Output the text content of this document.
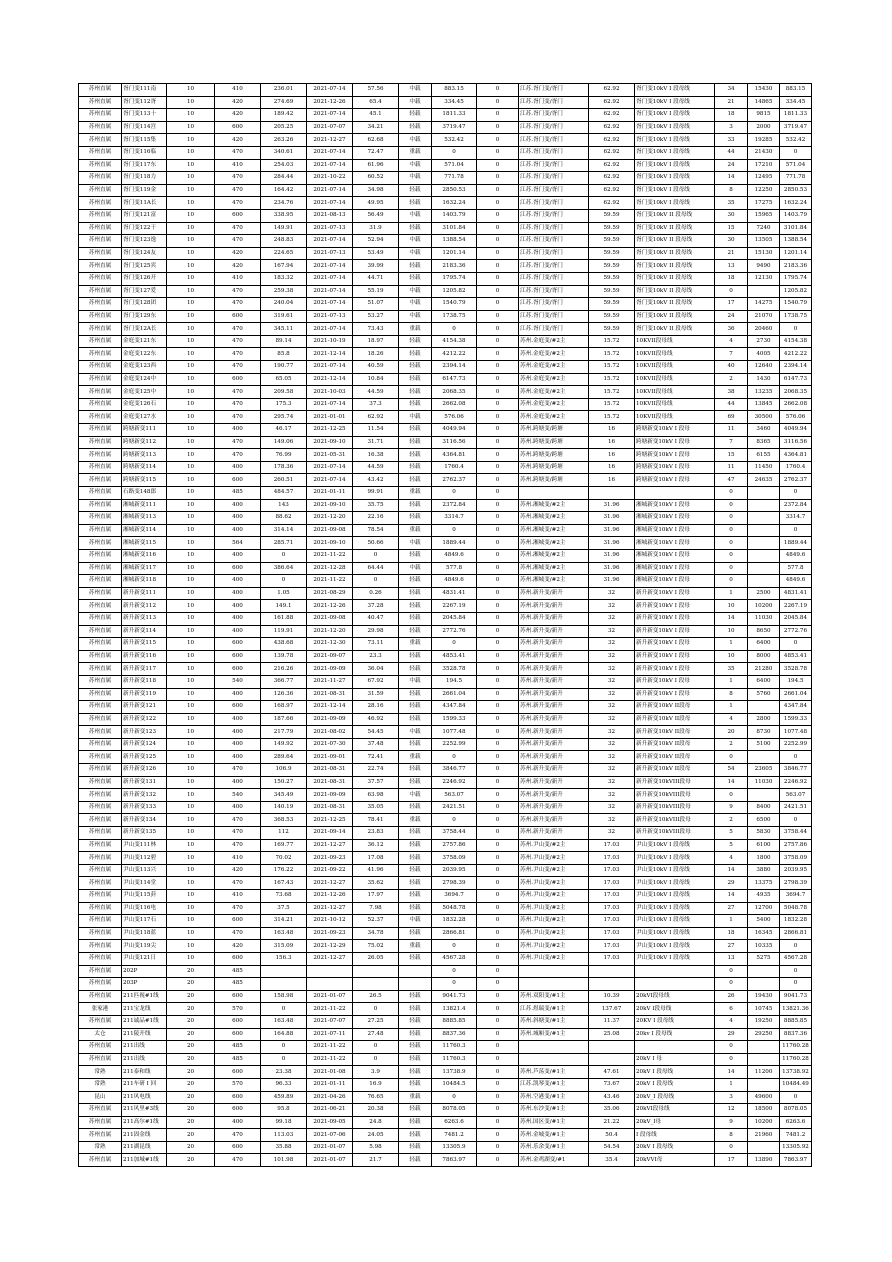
苏州直属	胥门变111南	10	410	236.01	2021-07-14	57.56	中载	883.15	0	江苏.胥门变/胥门	62.92	胥门变10kV I 段母线	34	15430	883.15
苏州直属	胥门变112胥	10	420	274.69	2021-12-26	65.4	中载	334.45	0	江苏.胥门变/胥门	62.92	胥门变10kV I 段母线	21	14865	334.45
苏州直属	胥门变113十	10	420	189.42	2021-07-14	45.1	轻载	1811.33	0	江苏.胥门变/胥门	62.92	胥门变10kV I 段母线	18	9815	1811.33
苏州直属	胥门变114宫	10	600	205.25	2021-07-07	34.21	轻载	3719.47	0	江苏.胥门变/胥门	62.92	胥门变10kV I 段母线	3	2000	3719.47
苏州直属	胥门变115集	10	420	263.26	2021-12-27	62.68	中载	532.42	0	江苏.胥门变/胥门	62.92	胥门变10kV I 段母线	33	19285	532.42
苏州直属	胥门变116临	10	470	340.61	2021-07-14	72.47	重载	0	0	江苏.胥门变/胥门	62.92	胥门变10kV I 段母线	44	21430	0
苏州直属	胥门变117东	10	410	254.03	2021-07-14	61.96	中载	571.04	0	江苏.胥门变/胥门	62.92	胥门变10kV I 段母线	24	17210	571.04
苏州直属	胥门变118力	10	470	284.44	2021-10-22	60.52	中载	771.78	0	江苏.胥门变/胥门	62.92	胥门变10kV I 段母线	14	12495	771.78
苏州直属	胥门变119金	10	470	164.42	2021-07-14	34.98	轻载	2850.53	0	江苏.胥门变/胥门	62.92	胥门变10kV I 段母线	8	12250	2850.53
苏州直属	胥门变11A长	10	470	234.76	2021-07-14	49.95	轻载	1632.24	0	江苏.胥门变/胥门	62.92	胥门变10kV I 段母线	35	17275	1632.24
苏州直属	胥门变121富	10	600	338.95	2021-08-13	56.49	中载	1403.79	0	江苏.胥门变/胥门	59.59	胥门变10kV II 段母线	30	15965	1403.79
苏州直属	胥门变122干	10	470	149.91	2021-07-13	31.9	轻载	3101.84	0	江苏.胥门变/胥门	59.59	胥门变10kV II 段母线	15	7240	3101.84
苏州直属	胥门变123逸	10	470	248.83	2021-07-14	52.94	中载	1388.54	0	江苏.胥门变/胥门	59.59	胥门变10kV II 段母线	30	13505	1388.54
苏州直属	胥门变124友	10	420	224.65	2021-07-13	53.49	中载	1201.14	0	江苏.胥门变/胥门	59.59	胥门变10kV II 段母线	21	15130	1201.14
苏州直属	胥门变125宾	10	420	167.94	2021-07-14	39.99	轻载	2183.36	0	江苏.胥门变/胥门	59.59	胥门变10kV II 段母线	13	9490	2183.36
苏州直属	胥门变126开	10	410	183.32	2021-07-14	44.71	轻载	1795.74	0	江苏.胥门变/胥门	59.59	胥门变10kV II 段母线	18	12130	1795.74
苏州直属	胥门变127爱	10	470	259.38	2021-07-14	55.19	中载	1205.82	0	江苏.胥门变/胥门	59.59	胥门变10kV II 段母线	0		1205.82
苏州直属	胥门变128团	10	470	240.04	2021-07-14	51.07	中载	1540.79	0	江苏.胥门变/胥门	59.59	胥门变10kV II 段母线	17	14275	1540.79
苏州直属	胥门变129东	10	600	319.61	2021-07-13	53.27	中载	1738.75	0	江苏.胥门变/胥门	59.59	胥门变10kV II 段母线	24	21070	1738.75
苏州直属	胥门变12A长	10	470	345.11	2021-07-14	73.43	重载	0	0	江苏.胥门变/胥门	59.59	胥门变10kV II 段母线	36	20460	0
苏州直属	金庭变121东	10	470	89.14	2021-10-19	18.97	轻载	4154.38	0	苏州.金庭变/#2主	15.72	10KVII段母线	4	2730	4154.38
苏州直属	金庭变122东	10	470	85.8	2021-12-14	18.26	轻载	4212.22	0	苏州.金庭变/#2主	15.72	10KVII段母线	7	4005	4212.22
苏州直属	金庭变123西	10	470	190.77	2021-07-14	40.59	轻载	2394.14	0	苏州.金庭变/#2主	15.72	10KVII段母线	40	12640	2394.14
苏州直属	金庭变124中	10	600	65.05	2021-12-14	10.84	轻载	6147.73	0	苏州.金庭变/#2主	15.72	10KVII段母线	2	1430	6147.73
苏州直属	金庭变125中	10	470	209.58	2021-10-03	44.59	轻载	2068.35	0	苏州.金庭变/#2主	15.72	10KVII段母线	38	13235	2068.35
苏州直属	金庭变126石	10	470	175.3	2021-07-14	37.3	轻载	2662.08	0	苏州.金庭变/#2主	15.72	10KVII段母线	44	13845	2662.08
苏州直属	金庭变127水	10	470	295.74	2021-01-01	62.92	中载	576.06	0	苏州.金庭变/#2主	15.72	10KVII段母线	69	30500	576.06
苏州直属	跨塘新变111	10	400	46.17	2021-12-25	11.54	轻载	4049.94	0	苏州.跨塘变/跨塘	16	跨塘新变10kV I 段母	11	3460	4049.94
苏州直属	跨塘新变112	10	470	149.06	2021-09-10	31.71	轻载	3116.56	0	苏州.跨塘变/跨塘	16	跨塘新变10kV I 段母	7	8365	3116.56
苏州直属	跨塘新变113	10	470	76.99	2021-05-31	16.38	轻载	4364.81	0	苏州.跨塘变/跨塘	16	跨塘新变10kV I 段母	15	6155	4364.81
苏州直属	跨塘新变114	10	400	178.36	2021-07-14	44.59	轻载	1760.4	0	苏州.跨塘变/跨塘	16	跨塘新变10kV I 段母	11	11450	1760.4
苏州直属	跨塘新变115	10	600	260.51	2021-07-14	43.42	轻载	2762.37	0	苏州.跨塘变/跨塘	16	跨塘新变10kV I 段母	47	24635	2762.37
苏州直属	石路变148郎	10	485	484.57	2021-01-11	99.91	重载	0	0				0		0
苏州直属	湘城新变111	10	400	143	2021-09-10	35.75	轻载	2372.84	0	苏州.湘城变/#2主	31.96	湘城新变10kV I 段母	0		2372.84
苏州直属	湘城新变113	10	400	88.62	2021-12-20	22.16	轻载	3314.7	0	苏州.湘城变/#2主	31.96	湘城新变10kV I 段母	0		3314.7
苏州直属	湘城新变114	10	400	314.14	2021-09-08	78.54	重载	0	0	苏州.湘城变/#2主	31.96	湘城新变10kV I 段母	0		0
苏州直属	湘城新变115	10	564	285.71	2021-09-10	50.66	中载	1889.44	0	苏州.湘城变/#2主	31.96	湘城新变10kV I 段母	0		1889.44
苏州直属	湘城新变116	10	400	0	2021-11-22	0	轻载	4849.6	0	苏州.湘城变/#2主	31.96	湘城新变10kV I 段母	0		4849.6
苏州直属	湘城新变117	10	600	386.64	2021-12-28	64.44	中载	577.8	0	苏州.湘城变/#2主	31.96	湘城新变10kV I 段母	0		577.8
苏州直属	湘城新变118	10	400	0	2021-11-22	0	轻载	4849.6	0	苏州.湘城变/#2主	31.96	湘城新变10kV I 段母	0		4849.6
苏州直属	新升新变111	10	400	1.05	2021-08-29	0.26	轻载	4831.41	0	苏州.新升变/新升	32	新升新变10kV I 段母	1	2500	4831.41
苏州直属	新升新变112	10	400	149.1	2021-12-26	37.28	轻载	2267.19	0	苏州.新升变/新升	32	新升新变10kV I 段母	10	10200	2267.19
苏州直属	新升新变113	10	400	161.88	2021-09-08	40.47	轻载	2045.84	0	苏州.新升变/新升	32	新升新变10kV I 段母	14	11030	2045.84
苏州直属	新升新变114	10	400	119.91	2021-12-20	29.98	轻载	2772.76	0	苏州.新升变/新升	32	新升新变10kV I 段母	10	8650	2772.76
苏州直属	新升新变115	10	600	438.68	2021-12-30	73.11	重载	0	0	苏州.新升变/新升	32	新升新变10kV I 段母	1	6400	0
苏州直属	新升新变116	10	600	139.78	2021-09-07	23.3	轻载	4853.41	0	苏州.新升变/新升	32	新升新变10kV I 段母	10	8000	4853.41
苏州直属	新升新变117	10	600	216.26	2021-09-09	36.04	轻载	3528.78	0	苏州.新升变/新升	32	新升新变10kV I 段母	35	21280	3528.78
苏州直属	新升新变118	10	540	366.77	2021-11-27	67.92	中载	194.5	0	苏州.新升变/新升	32	新升新变10kV I 段母	1	6400	194.5
苏州直属	新升新变119	10	400	126.36	2021-08-31	31.59	轻载	2661.04	0	苏州.新升变/新升	32	新升新变10kV I 段母	8	5760	2661.04
苏州直属	新升新变121	10	600	168.97	2021-12-14	28.16	轻载	4347.84	0	苏州.新升变/新升	32	新升新变10kV II段母	1		4347.84
苏州直属	新升新变122	10	400	187.66	2021-09-09	46.92	轻载	1599.33	0	苏州.新升变/新升	32	新升新变10kV II段母	4	2800	1599.33
苏州直属	新升新变123	10	400	217.79	2021-08-02	54.45	中载	1077.48	0	苏州.新升变/新升	32	新升新变10kV II段母	20	8730	1077.48
苏州直属	新升新变124	10	400	149.92	2021-07-30	37.48	轻载	2252.99	0	苏州.新升变/新升	32	新升新变10kV II段母	2	5100	2252.99
苏州直属	新升新变125	10	400	289.64	2021-09-01	72.41	重载	0	0	苏州.新升变/新升	32	新升新变10kV II段母	0		0
苏州直属	新升新变126	10	470	106.9	2021-08-31	22.74	轻载	3846.77	0	苏州.新升变/新升	32	新升新变10kV II段母	54	23605	3846.77
苏州直属	新升新变131	10	400	150.27	2021-08-31	37.57	轻载	2246.92	0	苏州.新升变/新升	32	新升新变10kVIII段母	14	11030	2246.92
苏州直属	新升新变132	10	540	345.49	2021-09-09	63.98	中载	563.07	0	苏州.新升变/新升	32	新升新变10kVIII段母	0		563.07
苏州直属	新升新变133	10	400	140.19	2021-08-31	35.05	轻载	2421.51	0	苏州.新升变/新升	32	新升新变10kVIII段母	9	8400	2421.51
苏州直属	新升新变134	10	470	368.53	2021-12-25	78.41	重载	0	0	苏州.新升变/新升	32	新升新变10kVIII段母	2	6500	0
苏州直属	新升新变135	10	470	112	2021-09-14	23.83	轻载	3758.44	0	苏州.新升变/新升	32	新升新变10kVIII段母	5	5830	3758.44
苏州直属	尹山变111林	10	470	169.77	2021-12-27	36.12	轻载	2757.86	0	苏州.尹山变/#2主	17.03	尹山变10kV I 段母线	5	6100	2757.86
苏州直属	尹山变112碧	10	410	70.02	2021-09-23	17.08	轻载	3758.09	0	苏州.尹山变/#2主	17.03	尹山变10kV I 段母线	4	1800	3758.09
苏州直属	尹山变113兴	10	420	176.22	2021-09-22	41.96	轻载	2039.95	0	苏州.尹山变/#2主	17.03	尹山变10kV I 段母线	14	3880	2039.95
苏州直属	尹山变114堂	10	470	167.43	2021-12-27	35.62	轻载	2798.39	0	苏州.尹山变/#2主	17.03	尹山变10kV I 段母线	29	13375	2798.39
苏州直属	尹山变115葑	10	410	73.68	2021-12-26	17.97	轻载	3694.7	0	苏州.尹山变/#2主	17.03	尹山变10kV I 段母线	14	4935	3694.7
苏州直属	尹山变116电	10	470	37.5	2021-12-27	7.98	轻载	5048.78	0	苏州.尹山变/#2主	17.03	尹山变10kV I 段母线	27	12700	5048.78
苏州直属	尹山变117石	10	600	314.21	2021-10-12	52.37	中载	1832.28	0	苏州.尹山变/#2主	17.03	尹山变10kV I 段母线	1	5400	1832.28
苏州直属	尹山变118蓝	10	470	163.48	2021-09-23	34.78	轻载	2866.81	0	苏州.尹山变/#2主	17.03	尹山变10kV I 段母线	18	16345	2866.81
苏州直属	尹山变119尖	10	420	315.09	2021-12-29	75.02	重载	0	0	苏州.尹山变/#2主	17.03	尹山变10kV I 段母线	27	10335	0
苏州直属	尹山变121日	10	600	156.3	2021-12-27	26.05	轻载	4567.28	0	苏州.尹山变/#2主	17.03	尹山变10kV I 段母线	13	5275	4567.28
苏州直属	202P	20	485					0	0				0		0
苏州直属	203P	20	485					0	0				0		0
苏州直属	211匹视#1线	20	600	158.98	2021-01-07	26.5	轻载	9041.73	0	苏州.双阳变/#1主	10.39	20kVI段母线	26	19430	9041.73
张家港	211宝龙线	20	570	0	2021-11-22	0	轻载	13821.4	0	江苏.煜瑞变/#1主	137.67	20kV I段母线	6	10745	13821.36
苏州直属	211诚品#1线	20	600	163.48	2021-07-07	27.25	轻载	8885.85	0	苏州.斜塘变/#1主	11.37	20KV I 段母线	4	19250	8885.85
太仓	211陵开线	20	600	164.88	2021-07-11	27.48	轻载	8837.36	0	苏州.城厢变/#1主	25.08	20kv I 段母线	29	29250	8837.36
苏州直属	211出线	20	485	0	2021-11-22	0	轻载	11760.3	0				0		11760.28
苏州直属	211出线	20	485	0	2021-11-22	0	轻载	11760.3	0			20kV I 母	0		11760.28
常熟	211泰和线	20	600	23.38	2021-01-08	3.9	轻载	13738.9	0	苏州.芦荡变/#1主	47.61	20kV I 段母线	14	11200	13738.92
常熟	211车研 I 回	20	570	96.33	2021-01-11	16.9	轻载	10484.5	0	江苏.凯琴变/#1主	73.67	20kV I 段母线	1		10484.49
昆山	211风电线	20	600	459.89	2021-04-26	76.65	重载	0	0	苏州.空港变/#1主	43.46	20kV_I 段母线	3	49600	0
苏州直属	211风里#3线	20	600	95.8	2021-06-21	20.38	轻载	8078.05	0	苏州.东沙变/#1主	35.06	20kVI段母线	12	18500	8078.05
苏州直属	211高尔#1线	20	400	99.18	2021-09-05	24.8	轻载	6263.6	0	苏州.国区变/#1主	21.22	20kV_I母	9	10200	6263.6
苏州直属	211固金线	20	470	113.03	2021-07-06	24.05	轻载	7481.2	0	苏州.金城变/#1主	50.4	I 段母线	8	21960	7481.2
常熟	211湖昆线	20	600	35.88	2021-01-07	5.98	轻载	13305.9	0	苏州.乐余变/#1主	54.54	20kV I 段母线	0		13305.92
苏州直属	211加城#1线	20	470	101.98	2021-01-07	21.7	轻载	7863.97	0	苏州.金鸡湖变/#1	35.4	20kVVI母	17	13890	7863.97
